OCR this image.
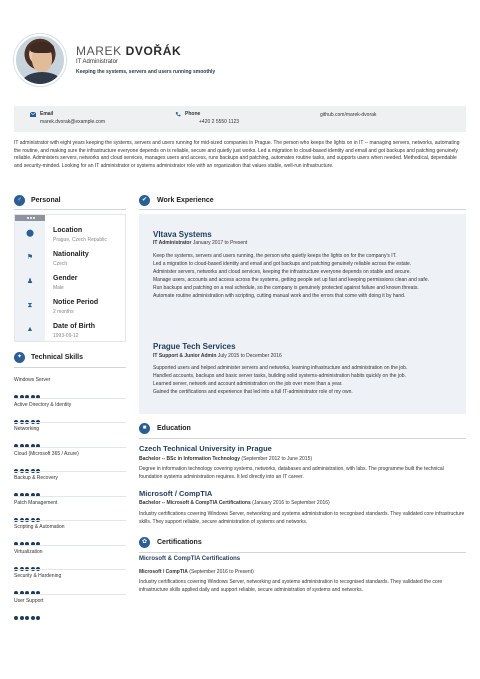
MAREK DVOŘÁK
IT Administrator
Keeping the systems, servers and users running smoothly
Email
marek.dvorak@example.com
Phone
+420 2 5550 1123
github.com/marek-dvorak
IT administrator with eight years keeping the systems, servers and users running for mid-sized companies in Prague. The person who keeps the lights on in IT -- managing servers, networks, automating the routine, and making sure the infrastructure everyone depends on is reliable, secure and quietly just works. Led a migration to cloud-based identity and email and got backups and patching genuinely reliable. Administers servers, networks and cloud services, manages users and access, runs backups and patching, automates routine tasks, and supports users when needed. Methodical, dependable and security-minded. Looking for an IT administrator or systems administrator role with an organization that values stable, well-run infrastructure.
♂	Personal
⬤	Location
Prague, Czech Republic
⚑	Nationality
Czech
♟	Gender
Male
⧗	Notice Period
2 months
▲	Date of Birth
1993-09-12
✦	Technical Skills
Windows Server
Active Directory & Identity
Networking
Cloud (Microsoft 365 / Azure)
Backup & Recovery
Patch Management
Scripting & Automation
Virtualization
Security & Hardening
User Support
✔	Work Experience
Vltava Systems
IT Administrator January 2017 to Present
Keep the systems, servers and users running, the person who quietly keeps the lights on for the company's IT.
Led a migration to cloud-based identity and email and got backups and patching genuinely reliable across the estate.
Administer servers, networks and cloud services, keeping the infrastructure everyone depends on stable and secure.
Manage users, accounts and access across the systems, getting people set up fast and keeping permissions clean and safe.
Run backups and patching on a real schedule, so the company is genuinely protected against failure and known threats.
Automate routine administration with scripting, cutting manual work and the errors that come with doing it by hand.
Prague Tech Services
IT Support & Junior Admin July 2015 to December 2016
Supported users and helped administer servers and networks, learning infrastructure and administration on the job.
Handled accounts, backups and basic server tasks, building solid systems-administration habits quickly on the job.
Learned server, network and account administration on the job over more than a year.
Gained the certifications and experience that led into a full IT-administrator role of my own.
■	Education
Czech Technical University in Prague
Bachelor -- BSc in Information Technology (September 2012 to June 2015)
Degree in information technology covering systems, networks, databases and administration, with labs. The programme built the technical foundation systems administration requires. It led directly into an IT career.
Microsoft / CompTIA
Bachelor -- Microsoft & CompTIA Certifications (January 2016 to September 2016)
Industry certifications covering Windows Server, networking and systems administration to recognised standards. They validated core infrastructure skills. They support reliable, secure administration of systems and networks.
✿	Certifications
Microsoft & CompTIA Certifications
Microsoft / CompTIA (September 2016 to Present)
Industry certifications covering Windows Server, networking and systems administration to recognised standards. They validated the core infrastructure skills applied daily and support reliable, secure administration of systems and networks.
